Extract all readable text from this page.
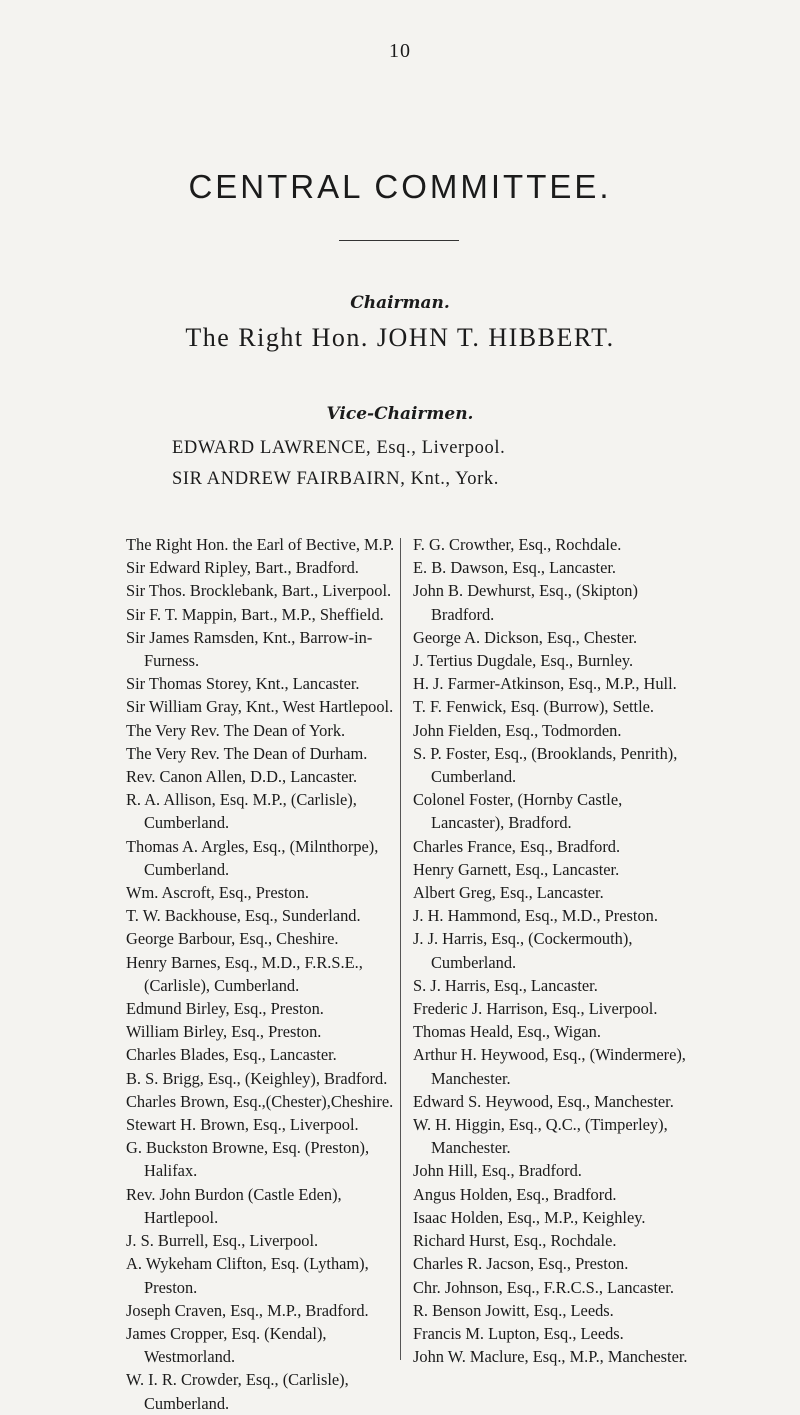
10
CENTRAL COMMITTEE.
Chairman.
The Right Hon. JOHN T. HIBBERT.
Vice-Chairmen.
EDWARD LAWRENCE, Esq., Liverpool.
SIR ANDREW FAIRBAIRN, Knt., York.
The Right Hon. the Earl of Bective, M.P.
Sir Edward Ripley, Bart., Bradford.
Sir Thos. Brocklebank, Bart., Liverpool.
Sir F. T. Mappin, Bart., M.P., Sheffield.
Sir James Ramsden, Knt., Barrow-in-Furness.
Sir Thomas Storey, Knt., Lancaster.
Sir William Gray, Knt., West Hartlepool.
The Very Rev. The Dean of York.
The Very Rev. The Dean of Durham.
Rev. Canon Allen, D.D., Lancaster.
R. A. Allison, Esq. M.P., (Carlisle), Cumberland.
Thomas A. Argles, Esq., (Milnthorpe), Cumberland.
Wm. Ascroft, Esq., Preston.
T. W. Backhouse, Esq., Sunderland.
George Barbour, Esq., Cheshire.
Henry Barnes, Esq., M.D., F.R.S.E., (Carlisle), Cumberland.
Edmund Birley, Esq., Preston.
William Birley, Esq., Preston.
Charles Blades, Esq., Lancaster.
B. S. Brigg, Esq., (Keighley), Bradford.
Charles Brown, Esq.,(Chester),Cheshire.
Stewart H. Brown, Esq., Liverpool.
G. Buckston Browne, Esq. (Preston), Halifax.
Rev. John Burdon (Castle Eden), Hartlepool.
J. S. Burrell, Esq., Liverpool.
A. Wykeham Clifton, Esq. (Lytham), Preston.
Joseph Craven, Esq., M.P., Bradford.
James Cropper, Esq. (Kendal), Westmorland.
W. I. R. Crowder, Esq., (Carlisle), Cumberland.
F. G. Crowther, Esq., Rochdale.
E. B. Dawson, Esq., Lancaster.
John B. Dewhurst, Esq., (Skipton) Bradford.
George A. Dickson, Esq., Chester.
J. Tertius Dugdale, Esq., Burnley.
H. J. Farmer-Atkinson, Esq., M.P., Hull.
T. F. Fenwick, Esq. (Burrow), Settle.
John Fielden, Esq., Todmorden.
S. P. Foster, Esq., (Brooklands, Penrith), Cumberland.
Colonel Foster, (Hornby Castle, Lancaster), Bradford.
Charles France, Esq., Bradford.
Henry Garnett, Esq., Lancaster.
Albert Greg, Esq., Lancaster.
J. H. Hammond, Esq., M.D., Preston.
J. J. Harris, Esq., (Cockermouth), Cumberland.
S. J. Harris, Esq., Lancaster.
Frederic J. Harrison, Esq., Liverpool.
Thomas Heald, Esq., Wigan.
Arthur H. Heywood, Esq., (Windermere), Manchester.
Edward S. Heywood, Esq., Manchester.
W. H. Higgin, Esq., Q.C., (Timperley), Manchester.
John Hill, Esq., Bradford.
Angus Holden, Esq., Bradford.
Isaac Holden, Esq., M.P., Keighley.
Richard Hurst, Esq., Rochdale.
Charles R. Jacson, Esq., Preston.
Chr. Johnson, Esq., F.R.C.S., Lancaster.
R. Benson Jowitt, Esq., Leeds.
Francis M. Lupton, Esq., Leeds.
John W. Maclure, Esq., M.P., Manchester.
